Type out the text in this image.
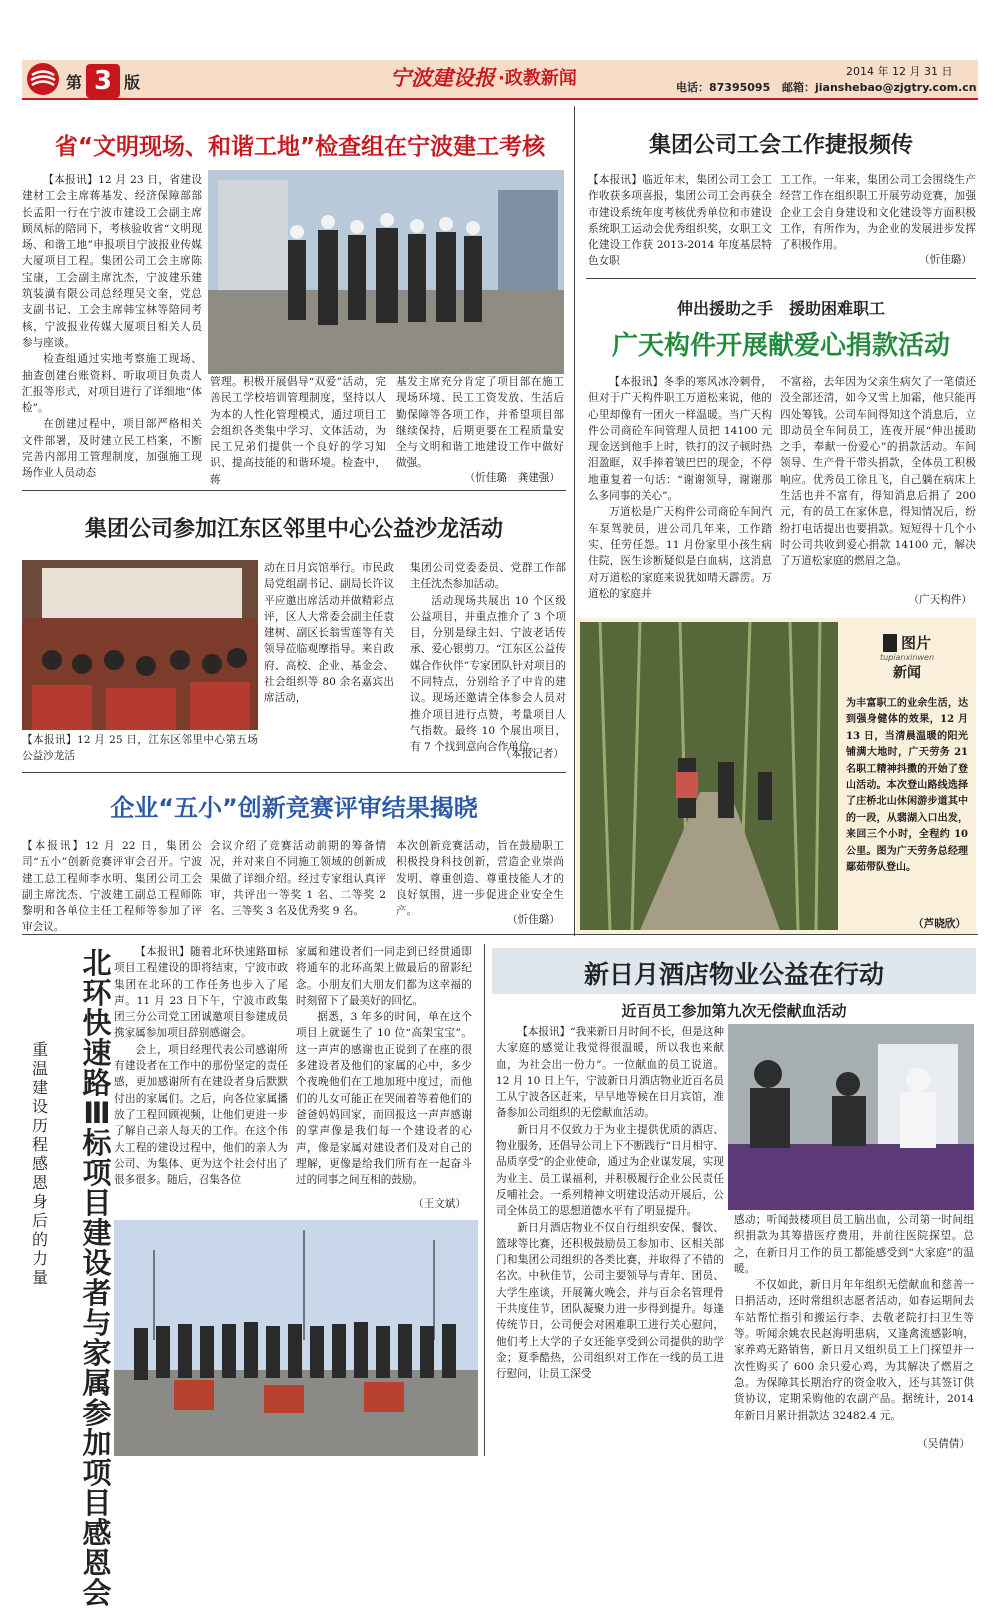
第 3 版	宁波建设报 ·政教新闻	2014 年 12 月 31 日
电话：87395095 邮箱：jianshebao@zjgtry.com.cn
省“文明现场、和谐工地”检查组在宁波建工考核

【本报讯】12 月 23 日，省建设建材工会主席蒋基发、经济保障部部长孟阳一行在宁波市建设工会副主席顾凤标的陪同下，考核验收省“文明现场、和谐工地”申报项目宁波报业传媒大厦项目工程。集团公司工会主席陈宝康，工会副主席沈杰，宁波建乐建筑装潢有限公司总经理吴文奎，党总支副书记、工会主席韩宝林等陪同考核，宁波报业传媒大厦项目相关人员参与座谈。

检查组通过实地考察施工现场、抽查创建台账资料、听取项目负责人汇报等形式，对项目进行了详细地“体检”。

在创建过程中，项目部严格相关文件部署，及时建立民工档案，不断完善内部用工管理制度，加强施工现场作业人员动态

管理。积极开展倡导“双爱”活动，完善民工学校培训管理制度，坚持以人为本的人性化管理模式，通过项目工会组织各类集中学习、文体活动，为民工兄弟们提供一个良好的学习知识、提高技能的和谐环境。检查中，蒋
基发主席充分肯定了项目部在施工现场环境、民工工资发放、生活后勤保障等各项工作，并希望项目部继续保持，后期更要在工程质量安全与文明和谐工地建设工作中做好做强。
（忻佳璐　龚建强）
集团公司工会工作捷报频传
【本报讯】临近年末，集团公司工会工作收获多项喜报，集团公司工会再获全市建设系统年度考核优秀单位和市建设系统职工运动会优秀组织奖，女职工文化建设工作获 2013-2014 年度基层特色女职
工工作。一年来，集团公司工会围绕生产经营工作在组织职工开展劳动竞赛，加强企业工会自身建设和文化建设等方面积极工作，有所作为，为企业的发展进步发挥了积极作用。
（忻佳璐）
伸出援助之手　援助困难职工
广天构件开展献爱心捐款活动

【本报讯】冬季的寒风冰冷刺骨，但对于广天构件职工万道松来说，他的心里却像有一团火一样温暖。当广天构件公司商砼车间管理人员把 14100 元现金送到他手上时，铁打的汉子顿时热泪盈眶，双手捧着皱巴巴的现金，不停地重复着一句话：“谢谢领导，谢谢那么多同事的关心”。

万道松是广天构件公司商砼车间汽车泵驾驶员，进公司几年来，工作踏实、任劳任怨。11 月份家里小孩生病住院，医生诊断疑似是白血病，这消息对万道松的家庭来说犹如晴天霹雳。万道松的家庭并

不富裕，去年因为父亲生病欠了一笔债还没全部还清，如今又雪上加霜，他只能再四处筹钱。公司车间得知这个消息后，立即动员全车间员工，连夜开展“伸出援助之手，奉献一份爱心”的捐款活动。车间领导、生产骨干带头捐款，全体员工积极响应。优秀员工徐且飞，自己躺在病床上生活也并不富有，得知消息后捐了 200 元，有的员工在家休息，得知情况后，纷纷打电话提出也要捐款。短短得十几个小时公司共收到爱心捐款 14100 元，解决了万道松家庭的燃眉之急。
（广天构件）
集团公司参加江东区邻里中心公益沙龙活动
【本报讯】12 月 25 日，江东区邻里中心第五场公益沙龙活
动在日月宾馆举行。市民政局党组副书记、副局长许议平应邀出席活动并做精彩点评，区人大常委会副主任袁建树、副区长翁雪莲等有关领导莅临观摩指导。来自政府、高校、企业、基金会、社会组织等 80 余名嘉宾出席活动，

集团公司党委委员、党群工作部主任沈杰参加活动。

活动现场共展出 10 个区级公益项目，并重点推介了 3 个项目，分别是绿主妇、宁波老话传承、爱心银剪刀。“江东区公益传媒合作伙伴”专家团队针对项目的不同特点，分别给予了中肯的建议。现场还邀请全体参会人员对推介项目进行点赞，考量项目人气指数。最终 10 个展出项目，有 7 个找到意向合作单位。

（本报记者）
企业“五小”创新竞赛评审结果揭晓
【本报讯】12 月 22 日，集团公司“五小”创新竞赛评审会召开。宁波建工总工程师李水明、集团公司工会副主席沈杰、宁波建工副总工程师陈黎明和各单位主任工程师等参加了评审会议。
会议介绍了竞赛活动前期的筹备情况，并对来自不同施工领域的创新成果做了详细介绍。经过专家组认真评审，共评出一等奖 1 名、二等奖 2 名、三等奖 3 名及优秀奖 9 名。
本次创新竞赛活动，旨在鼓励职工积极投身科技创新，营造企业崇尚发明、尊重创造、尊重技能人才的良好氛围，进一步促进企业安全生产。
（忻佳璐）
图片
tupianxinwen
新闻
为丰富职工的业余生活，达到强身健体的效果，12 月 13 日，当清晨温暖的阳光铺满大地时，广天劳务 21 名职工精神抖擞的开始了登山活动。本次登山路线选择了庄桥北山休闲游步道其中的一段，从翡湖入口出发，来回三个小时，全程约 10 公里。图为广天劳务总经理鄢茹带队登山。
（芦晓欣）
北环快速路Ⅲ标项目建设者与家属参加项目感恩会
重温建设历程　感恩身后的力量

【本报讯】随着北环快速路Ⅲ标项目工程建设的即将结束，宁波市政集团在北环的工作任务也步入了尾声。11 月 23 日下午，宁波市政集团三分公司党工团诚邀项目参建成员携家属参加项目辞别感谢会。

会上，项目经理代表公司感谢所有建设者在工作中的那份坚定的责任感，更加感谢所有在建设者身后默默付出的家属们。之后，向各位家属播放了工程回顾视频，让他们更进一步了解自己亲人每天的工作。在这个伟大工程的建设过程中，他们的亲人为公司、为集体、更为这个社会付出了很多很多。随后，召集各位

家属和建设者们一同走到已经贯通即将通车的北环高架上做最后的留影纪念。小朋友们大朋友们都为这幸福的时刻留下了最美好的回忆。

据悉，3 年多的时间，单在这个项目上就诞生了 10 位“高架宝宝”。这一声声的感谢也正说到了在座的很多建设者及他们的家属的心中，多少个夜晚他们在工地加班中度过，而他们的儿女可能正在哭闹着等着他们的爸爸妈妈回家，而回报这一声声感谢的掌声像是我们每一个建设者的心声，像是家属对建设者们及对自己的理解，更像是给我们所有在一起奋斗过的同事之间互相的鼓励。

（王文斌）
新日月酒店物业公益在行动
近百员工参加第九次无偿献血活动

【本报讯】“我来新日月时间不长，但是这种大家庭的感觉让我觉得很温暖，所以我也来献血，为社会出一份力”。一位献血的员工说道。12 月 10 日上午，宁波新日月酒店物业近百名员工从宁波各区赶来，早早地等候在日月宾馆，准备参加公司组织的无偿献血活动。

新日月不仅致力于为业主提供优质的酒店、物业服务，还倡导公司上下不断践行“日月相守、品质享受”的企业使命，通过为企业谋发展，实现为业主、员工谋福利，并积极履行企业公民责任反哺社会。一系列精神文明建设活动开展后，公司全体员工的思想道德水平有了明显提升。

新日月酒店物业不仅自行组织安保、餐饮、篮球等比赛，还积极鼓励员工参加市、区相关部门和集团公司组织的各类比赛，并取得了不错的名次。中秋佳节，公司主要领导与青年、团员、大学生座谈，开展篝火晚会，并与百余名管理骨干共度佳节，团队凝聚力进一步得到提升。每逢传统节日，公司便会对困难职工进行关心慰问，他们考上大学的子女还能享受到公司提供的助学金；夏季酷热，公司组织对工作在一线的员工进行慰问，让员工深受

感动；听闻鼓楼项目员工脑出血，公司第一时间组织捐款为其筹措医疗费用，并前往医院探望。总之，在新日月工作的员工都能感受到“大家庭”的温暖。

不仅如此，新日月年年组织无偿献血和慈善一日捐活动，还时常组织志愿者活动，如春运期间去车站帮忙指引和搬运行李、去敬老院打扫卫生等等。听闻余姚农民赵海明患病，又逢禽流感影响，家养鸡无路销售，新日月又组织员工上门探望并一次性购买了 600 余只爱心鸡，为其解决了燃眉之急。为保障其长期治疗的资金收入，还与其签订供货协议，定期采购他的农副产品。据统计，2014 年新日月累计捐款达 32482.4 元。

（吴倩倩）
